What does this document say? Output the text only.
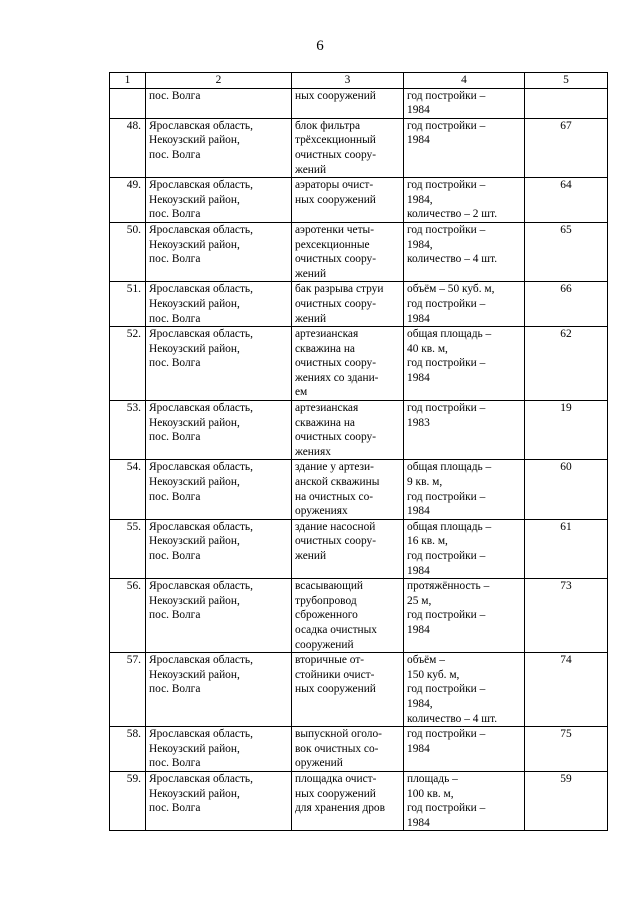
6
1	2	3	4	5
	пос. Волга	ных сооружений	год постройки –
1984	
48.	Ярославская область,
Некоузский район,
пос. Волга	блок фильтра
трёхсекционный
очистных соору-
жений	год постройки –
1984	67
49.	Ярославская область,
Некоузский район,
пос. Волга	аэраторы очист-
ных сооружений	год постройки –
1984,
количество – 2 шт.	64
50.	Ярославская область,
Некоузский район,
пос. Волга	аэротенки четы-
рехсекционные
очистных соору-
жений	год постройки –
1984,
количество – 4 шт.	65
51.	Ярославская область,
Некоузский район,
пос. Волга	бак разрыва струи
очистных соору-
жений	объём – 50 куб. м,
год постройки –
1984	66
52.	Ярославская область,
Некоузский район,
пос. Волга	артезианская
скважина на
очистных соору-
жениях со здани-
ем	общая площадь –
40 кв. м,
год постройки –
1984	62
53.	Ярославская область,
Некоузский район,
пос. Волга	артезианская
скважина на
очистных соору-
жениях	год постройки –
1983	19
54.	Ярославская область,
Некоузский район,
пос. Волга	здание у артези-
анской скважины
на очистных со-
оружениях	общая площадь –
9 кв. м,
год постройки –
1984	60
55.	Ярославская область,
Некоузский район,
пос. Волга	здание насосной
очистных соору-
жений	общая площадь –
16 кв. м,
год постройки –
1984	61
56.	Ярославская область,
Некоузский район,
пос. Волга	всасывающий
трубопровод
сброженного
осадка очистных
сооружений	протяжённость –
25 м,
год постройки –
1984	73
57.	Ярославская область,
Некоузский район,
пос. Волга	вторичные от-
стойники очист-
ных сооружений	объём –
150 куб. м,
год постройки –
1984,
количество – 4 шт.	74
58.	Ярославская область,
Некоузский район,
пос. Волга	выпускной оголо-
вок очистных со-
оружений	год постройки –
1984	75
59.	Ярославская область,
Некоузский район,
пос. Волга	площадка очист-
ных сооружений
для хранения дров	площадь –
100 кв. м,
год постройки –
1984	59
